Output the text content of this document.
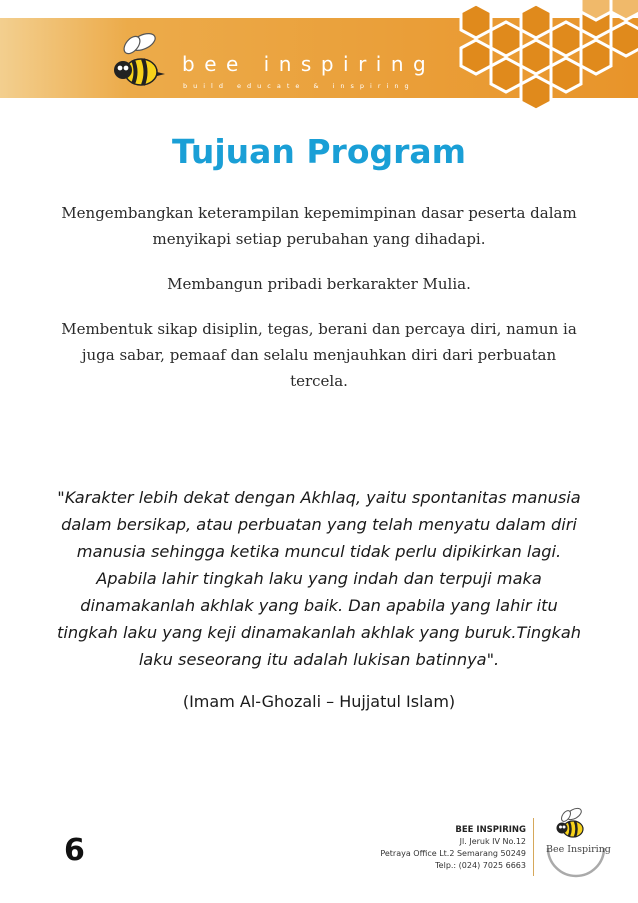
bee inspiring
build educate & inspiring
Tujuan Program

Mengembangkan keterampilan kepemimpinan dasar peserta dalam menyikapi setiap perubahan yang dihadapi.

Membangun pribadi berkarakter Mulia.

Membentuk sikap disiplin, tegas, berani dan percaya diri, namun ia juga sabar, pemaaf dan selalu menjauhkan diri dari perbuatan tercela.

"Karakter lebih dekat dengan Akhlaq, yaitu spontanitas manusia dalam bersikap, atau perbuatan yang telah menyatu dalam diri manusia sehingga ketika muncul tidak perlu dipikirkan lagi. Apabila lahir tingkah laku yang indah dan terpuji maka dinamakanlah akhlak yang baik. Dan apabila yang lahir itu tingkah laku yang keji dinamakanlah akhlak yang buruk.Tingkah laku seseorang itu adalah lukisan batinnya".
(Imam Al-Ghozali – Hujjatul Islam)
6
BEE INSPIRING
Jl. Jeruk IV No.12
Petraya Office Lt.2 Semarang 50249
Telp.: (024) 7025 6663
Bee Inspiring
